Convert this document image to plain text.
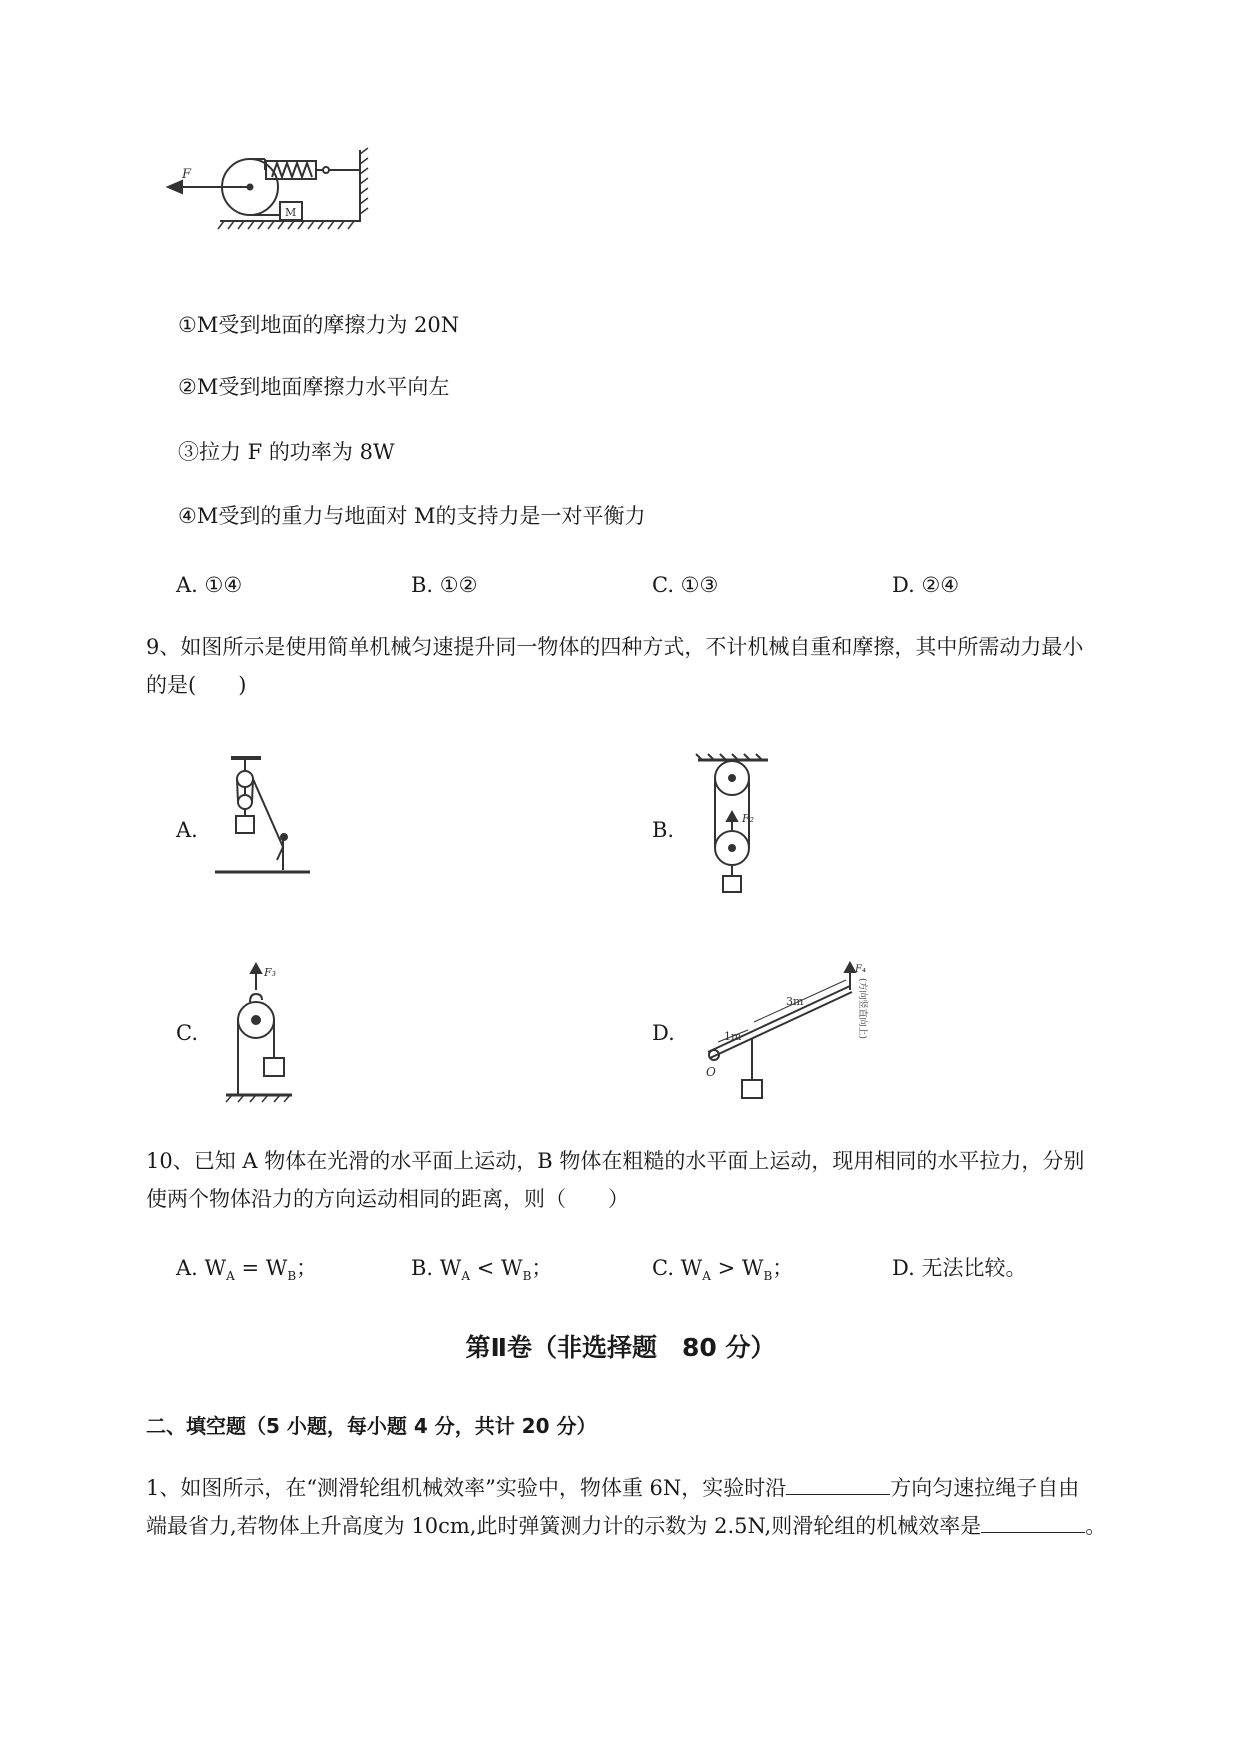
F
M
①M受到地面的摩擦力为 20N
②M受到地面摩擦力水平向左
③拉力 F 的功率为 8W
④M受到的重力与地面对 M的支持力是一对平衡力
A. ①④	B. ①②	C. ①③	D. ②④
9、如图所示是使用简单机械匀速提升同一物体的四种方式，不计机械自重和摩擦，其中所需动力最小
的是(　　)
A.	B.
C.	D.
F₂
F₃
1m
3m
O
F₄
(方向竖直向上)
10、已知 A 物体在光滑的水平面上运动，B 物体在粗糙的水平面上运动，现用相同的水平拉力，分别
使两个物体沿力的方向运动相同的距离，则（　　）
A. $W_A = W_B$；	B. $W_A < W_B$；	C. $W_A > W_B$；	D. 无法比较。
第Ⅱ卷（非选择题　80 分）
二、填空题（5 小题，每小题 4 分，共计 20 分）
1、如图所示，在“测滑轮组机械效率”实验中，物体重 6N，实验时沿	方向匀速拉绳子自由
端最省力,若物体上升高度为 10cm,此时弹簧测力计的示数为 2.5N,则滑轮组的机械效率是	。
